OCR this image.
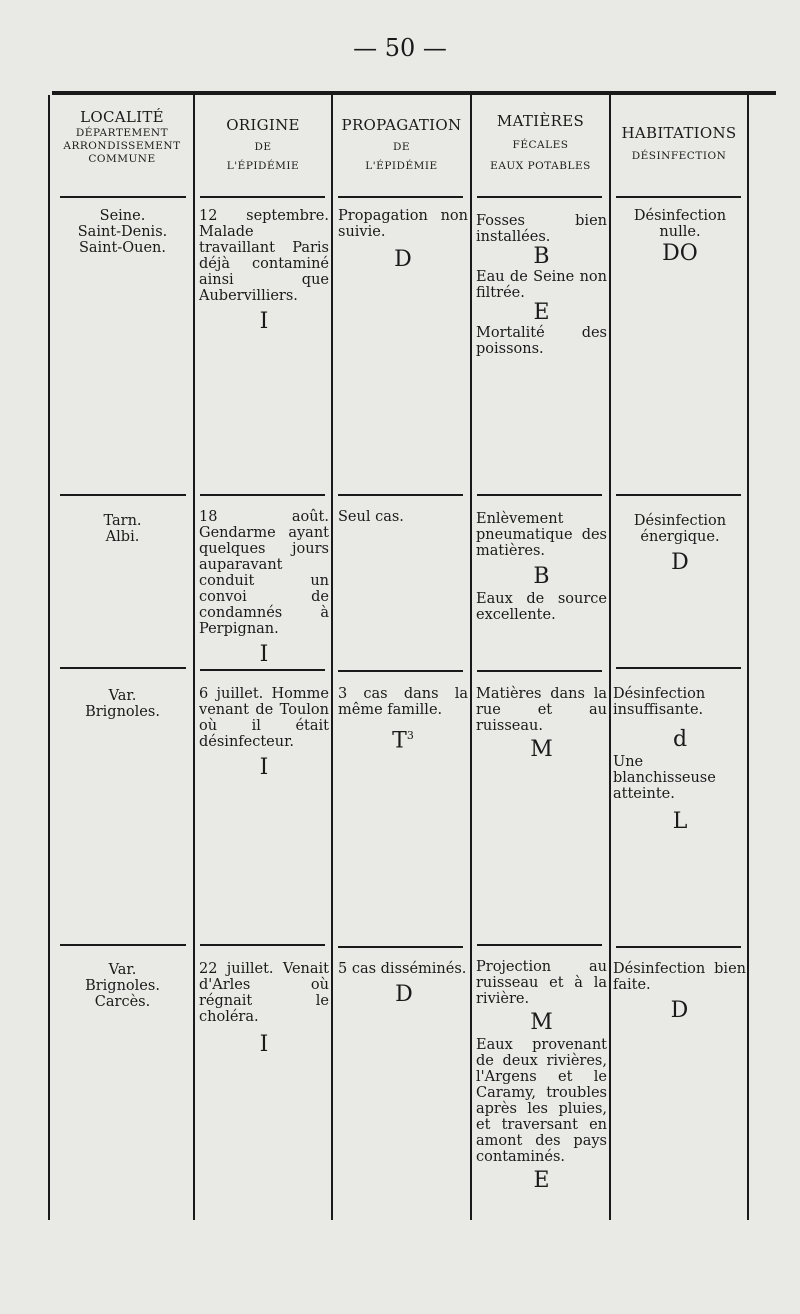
— 50 —
LOCALITÉ
DÉPARTEMENT
ARRONDISSEMENT
COMMUNE
ORIGINE
DE
L'ÉPIDÉMIE
PROPAGATION
DE
L'ÉPIDÉMIE
MATIÈRES
FÉCALES
EAUX POTABLES
HABITATIONS
DÉSINFECTION

Seine.

Saint-Denis.

Saint-Ouen.

12 septembre. Malade travaillant Paris déjà contaminé ainsi que Aubervilliers.

I

Propagation non suivie.

D

Fosses bien installées.

B

Eau de Seine non filtrée.

E

Mortalité des poissons.

Désinfection nulle.

DO

Tarn.

Albi.

18 août. Gendarme ayant quelques jours auparavant conduit un convoi de condamnés à Perpignan.

I

Seul cas.	Enlèvement pneumatique des matières.

B

Eaux de source excellente.

Désinfection énergique.

D

Var.

Brignoles.

6 juillet. Homme venant de Toulon où il était désinfecteur.

I

3 cas dans la même famille.

$T^3$

Matières dans la rue et au ruisseau.

M

Désinfection insuffisante.

d

Une blanchisseuse atteinte.

L

Var.

Brignoles.

Carcès.

22 juillet. Venait d'Arles où régnait le choléra.

I

5 cas disséminés.

D

Projection au ruisseau et à la rivière.

M

Eaux provenant de deux rivières, l'Argens et le Caramy, troubles après les pluies, et traversant en amont des pays contaminés.

E

Désinfection bien faite.

D
